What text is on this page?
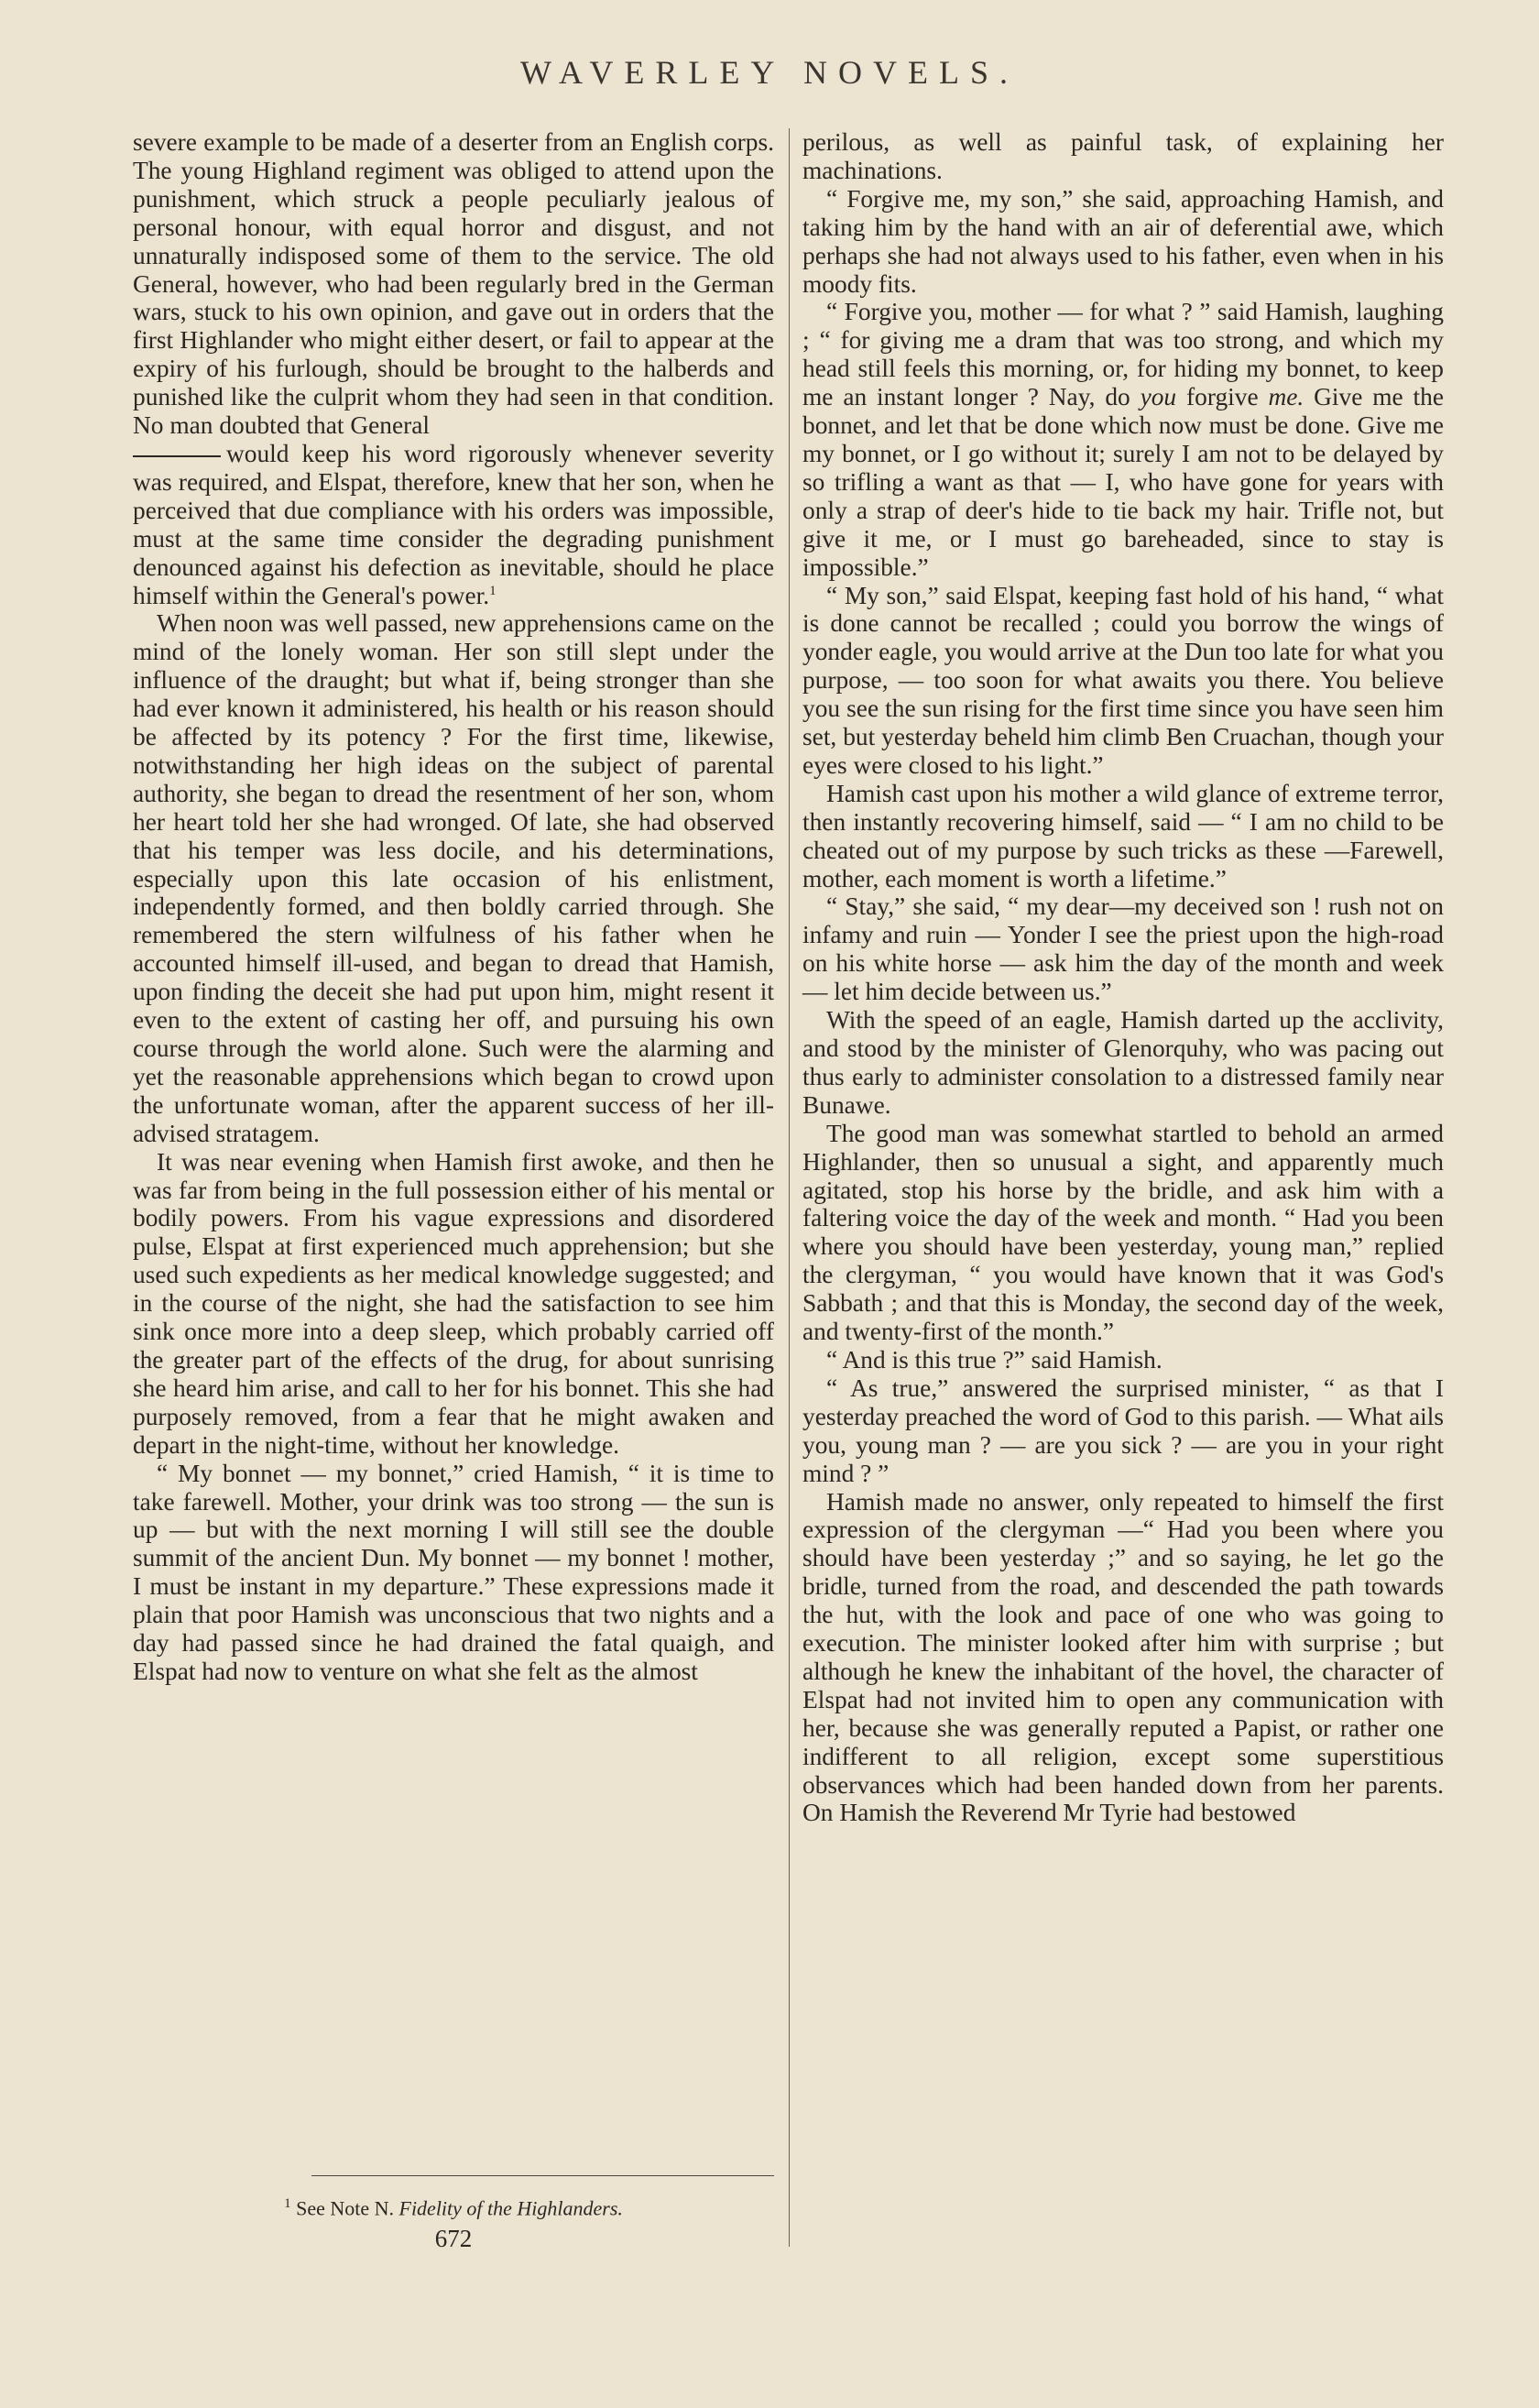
WAVERLEY NOVELS.

severe example to be made of a deserter from an English corps. The young Highland regiment was obliged to attend upon the punishment, which struck a people peculiarly jealous of personal honour, with equal horror and disgust, and not unnaturally indisposed some of them to the service. The old General, however, who had been regularly bred in the German wars, stuck to his own opinion, and gave out in orders that the first Highlander who might either desert, or fail to appear at the expiry of his furlough, should be brought to the halberds and punished like the culprit whom they had seen in that condition. No man doubted that General

would keep his word rigorously whenever severity was required, and Elspat, therefore, knew that her son, when he perceived that due compliance with his orders was impossible, must at the same time consider the degrading punishment denounced against his defection as inevitable, should he place himself within the General's power.$^1$

When noon was well passed, new apprehensions came on the mind of the lonely woman. Her son still slept under the influence of the draught; but what if, being stronger than she had ever known it administered, his health or his reason should be affected by its potency ? For the first time, likewise, notwithstanding her high ideas on the subject of parental authority, she began to dread the resentment of her son, whom her heart told her she had wronged. Of late, she had observed that his temper was less docile, and his determinations, especially upon this late occasion of his enlistment, independently formed, and then boldly carried through. She remembered the stern wilfulness of his father when he accounted himself ill-used, and began to dread that Hamish, upon finding the deceit she had put upon him, might resent it even to the extent of casting her off, and pursuing his own course through the world alone. Such were the alarming and yet the reasonable apprehensions which began to crowd upon the unfortunate woman, after the apparent success of her ill-advised stratagem.

It was near evening when Hamish first awoke, and then he was far from being in the full possession either of his mental or bodily powers. From his vague expressions and disordered pulse, Elspat at first experienced much apprehension; but she used such expedients as her medical knowledge suggested; and in the course of the night, she had the satisfaction to see him sink once more into a deep sleep, which probably carried off the greater part of the effects of the drug, for about sunrising she heard him arise, and call to her for his bonnet. This she had purposely removed, from a fear that he might awaken and depart in the night-time, without her knowledge.

“ My bonnet — my bonnet,” cried Hamish, “ it is time to take farewell. Mother, your drink was too strong — the sun is up — but with the next morning I will still see the double summit of the ancient Dun. My bonnet — my bonnet ! mother, I must be instant in my departure.” These expressions made it plain that poor Hamish was unconscious that two nights and a day had passed since he had drained the fatal quaigh, and Elspat had now to venture on what she felt as the almost

perilous, as well as painful task, of explaining her machinations.

“ Forgive me, my son,” she said, approaching Hamish, and taking him by the hand with an air of deferential awe, which perhaps she had not always used to his father, even when in his moody fits.

“ Forgive you, mother — for what ? ” said Hamish, laughing ; “ for giving me a dram that was too strong, and which my head still feels this morning, or, for hiding my bonnet, to keep me an instant longer ? Nay, do you forgive me. Give me the bonnet, and let that be done which now must be done. Give me my bonnet, or I go without it; surely I am not to be delayed by so trifling a want as that — I, who have gone for years with only a strap of deer's hide to tie back my hair. Trifle not, but give it me, or I must go bareheaded, since to stay is impossible.”

“ My son,” said Elspat, keeping fast hold of his hand, “ what is done cannot be recalled ; could you borrow the wings of yonder eagle, you would arrive at the Dun too late for what you purpose, — too soon for what awaits you there. You believe you see the sun rising for the first time since you have seen him set, but yesterday beheld him climb Ben Cruachan, though your eyes were closed to his light.”

Hamish cast upon his mother a wild glance of extreme terror, then instantly recovering himself, said — “ I am no child to be cheated out of my purpose by such tricks as these —Farewell, mother, each moment is worth a lifetime.”

“ Stay,” she said, “ my dear—my deceived son ! rush not on infamy and ruin — Yonder I see the priest upon the high-road on his white horse — ask him the day of the month and week — let him decide between us.”

With the speed of an eagle, Hamish darted up the acclivity, and stood by the minister of Glenorquhy, who was pacing out thus early to administer consolation to a distressed family near Bunawe.

The good man was somewhat startled to behold an armed Highlander, then so unusual a sight, and apparently much agitated, stop his horse by the bridle, and ask him with a faltering voice the day of the week and month. “ Had you been where you should have been yesterday, young man,” replied the clergyman, “ you would have known that it was God's Sabbath ; and that this is Monday, the second day of the week, and twenty-first of the month.”

“ And is this true ?” said Hamish.

“ As true,” answered the surprised minister, “ as that I yesterday preached the word of God to this parish. — What ails you, young man ? — are you sick ? — are you in your right mind ? ”

Hamish made no answer, only repeated to himself the first expression of the clergyman —“ Had you been where you should have been yesterday ;” and so saying, he let go the bridle, turned from the road, and descended the path towards the hut, with the look and pace of one who was going to execution. The minister looked after him with surprise ; but although he knew the inhabitant of the hovel, the character of Elspat had not invited him to open any communication with her, because she was generally reputed a Papist, or rather one indifferent to all religion, except some superstitious observances which had been handed down from her parents. On Hamish the Reverend Mr Tyrie had bestowed

$^1$ See Note N. Fidelity of the Highlanders.
672
